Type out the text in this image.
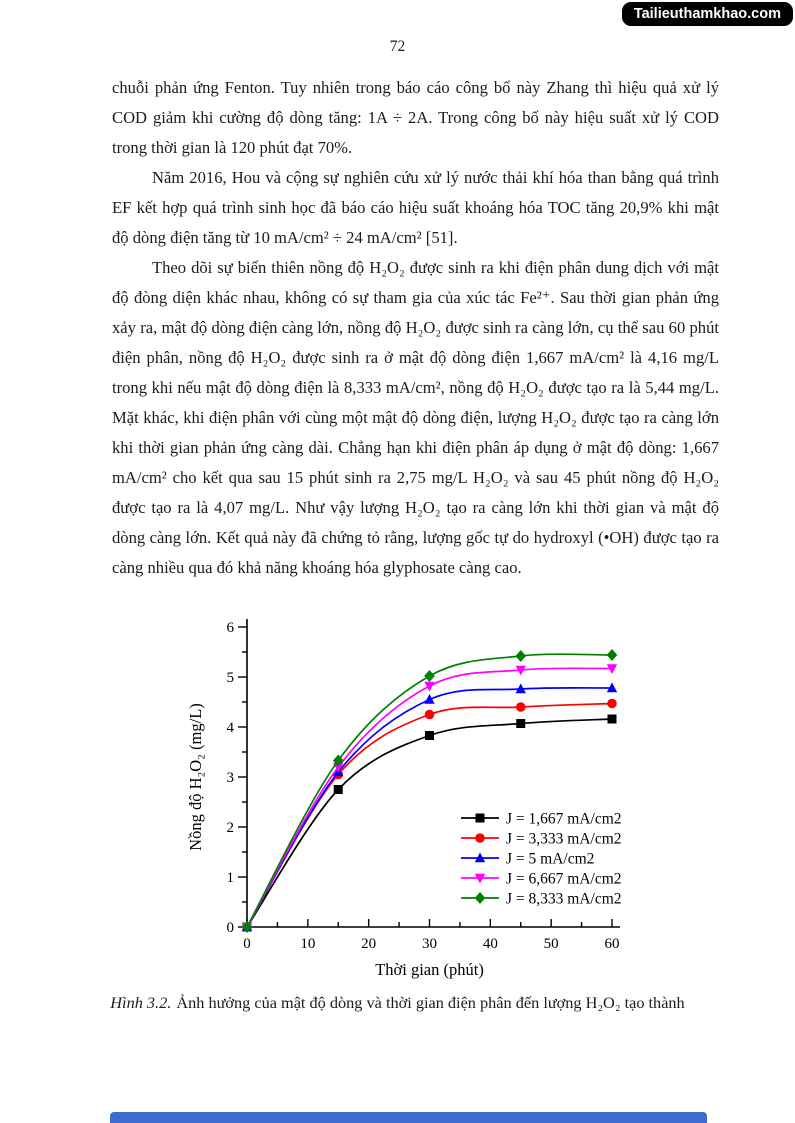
Tailieuthamkhao.com
72

chuỗi phản ứng Fenton. Tuy nhiên trong báo cáo công bố này Zhang thì hiệu quả xử lý COD giảm khi cường độ dòng tăng: 1A ÷ 2A. Trong công bố này hiệu suất xử lý COD trong thời gian là 120 phút đạt 70%.

Năm 2016, Hou và cộng sự nghiên cứu xử lý nước thải khí hóa than bằng quá trình EF kết hợp quá trình sinh học đã báo cáo hiệu suất khoáng hóa TOC tăng 20,9% khi mật độ dòng điện tăng từ 10 mA/cm² ÷ 24 mA/cm² [51].

Theo dõi sự biến thiên nồng độ H₂O₂ được sinh ra khi điện phân dung dịch với mật độ đòng diện khác nhau, không có sự tham gia của xúc tác Fe²⁺. Sau thời gian phản ứng xảy ra, mật độ dòng điện càng lớn, nồng độ H₂O₂ được sinh ra càng lớn, cụ thể sau 60 phút điện phân, nồng độ H₂O₂ được sinh ra ở mật độ dòng điện 1,667 mA/cm² là 4,16 mg/L trong khi nếu mật độ dòng điện là 8,333 mA/cm², nồng độ H₂O₂ được tạo ra là 5,44 mg/L. Mặt khác, khi điện phân với cùng một mật độ dòng điện, lượng H₂O₂ được tạo ra càng lớn khi thời gian phản ứng càng dài. Chẳng hạn khi điện phân áp dụng ở mật độ dòng: 1,667 mA/cm² cho kết qua sau 15 phút sinh ra 2,75 mg/L H₂O₂ và sau 45 phút nồng độ H₂O₂ được tạo ra là 4,07 mg/L. Như vậy lượng H₂O₂ tạo ra càng lớn khi thời gian và mật độ dòng càng lớn. Kết quả này đã chứng tỏ rằng, lượng gốc tự do hydroxyl (•OH) được tạo ra càng nhiều qua đó khả năng khoáng hóa glyphosate càng cao.

0
1
2
3
4
5
6
0	10	20	30	40	50	60
Thời gian (phút)
Nồng độ H₂O₂ (mg/L)	J = 1,667 mA/cm2
J = 3,333 mA/cm2
J = 5 mA/cm2
J = 6,667 mA/cm2
J = 8,333 mA/cm2
Hình 3.2. Ảnh hưởng của mật độ dòng và thời gian điện phân đến lượng H₂O₂ tạo thành
